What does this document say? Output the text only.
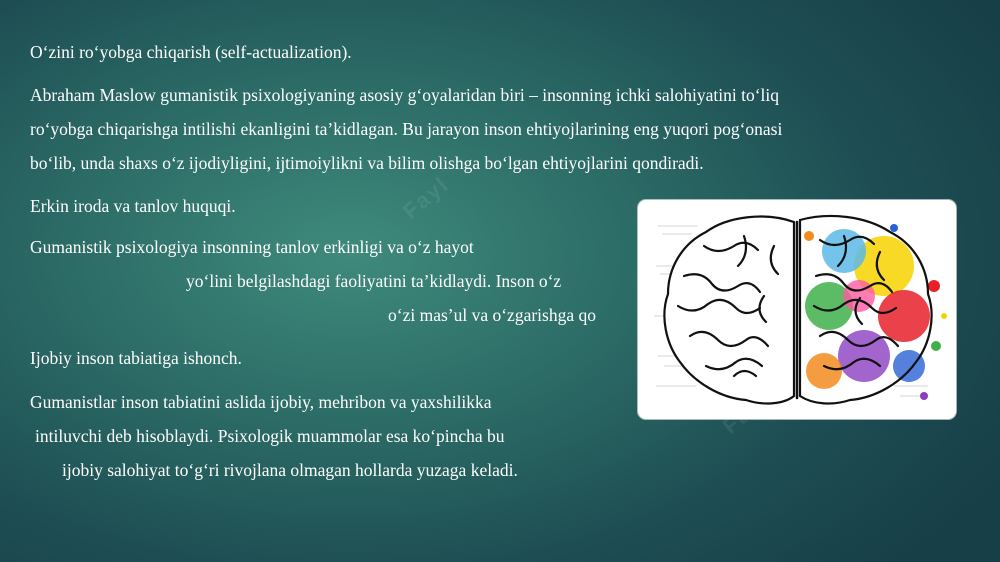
Fayl

O‘zini ro‘yobga chiqarish (self-actualization).

Abraham Maslow gumanistik psixologiyaning asosiy g‘oyalaridan biri – insonning ichki salohiyatini to‘liq

ro‘yobga chiqarishga intilishi ekanligini ta’kidlagan. Bu jarayon inson ehtiyojlarining eng yuqori pog‘onasi

bo‘lib, unda shaxs o‘z ijodiyligini, ijtimoiylikni va bilim olishga bo‘lgan ehtiyojlarini qondiradi.

Erkin iroda va tanlov huquqi.

Gumanistik psixologiya insonning tanlov erkinligi va o‘z hayot

yo‘lini belgilashdagi faoliyatini ta’kidlaydi. Inson o‘z

o‘zi mas’ul va o‘zgarishga qo

Ijobiy inson tabiatiga ishonch.

Gumanistlar inson tabiatini aslida ijobiy, mehribon va yaxshilikka

intiluvchi deb hisoblaydi. Psixologik muammolar esa ko‘pincha bu

ijobiy salohiyat to‘g‘ri rivojlana olmagan hollarda yuzaga keladi.
